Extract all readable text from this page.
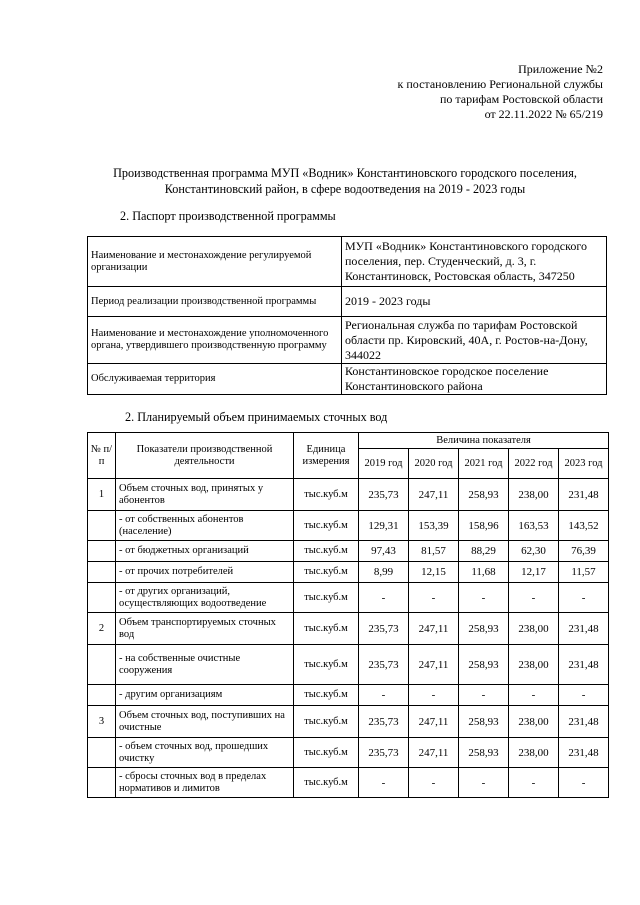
Приложение №2
к постановлению Региональной службы
по тарифам Ростовской области
от 22.11.2022 № 65/219
Производственная программа МУП «Водник» Константиновского городского поселения,
Константиновский район, в сфере водоотведения на 2019 - 2023 годы
2. Паспорт производственной программы
Наименование и местонахождение регулируемой организации	МУП «Водник» Константиновского городского поселения, пер. Студенческий, д. 3, г. Константиновск, Ростовская область, 347250
Период реализации производственной программы	2019 - 2023 годы
Наименование и местонахождение уполномоченного органа, утвердившего производственную программу	Региональная служба по тарифам Ростовской области пр. Кировский, 40А, г. Ростов-на-Дону, 344022
Обслуживаемая территория	Константиновское городское поселение Константиновского района
2. Планируемый объем принимаемых сточных вод
№ п/п	Показатели производственной деятельности	Единица измерения	Величина показателя				
			2019 год	2020 год	2021 год	2022 год	2023 год
1	Объем сточных вод, принятых у абонентов	тыс.куб.м	235,73	247,11	258,93	238,00	231,48
	- от собственных абонентов (население)	тыс.куб.м	129,31	153,39	158,96	163,53	143,52
	- от бюджетных организаций	тыс.куб.м	97,43	81,57	88,29	62,30	76,39
	- от прочих потребителей	тыс.куб.м	8,99	12,15	11,68	12,17	11,57
	- от других организаций, осуществляющих водоотведение	тыс.куб.м	-	-	-	-	-
2	Объем транспортируемых сточных вод	тыс.куб.м	235,73	247,11	258,93	238,00	231,48
	- на собственные очистные сооружения	тыс.куб.м	235,73	247,11	258,93	238,00	231,48
	- другим организациям	тыс.куб.м	-	-	-	-	-
3	Объем сточных вод, поступивших на очистные	тыс.куб.м	235,73	247,11	258,93	238,00	231,48
	- объем сточных вод, прошедших очистку	тыс.куб.м	235,73	247,11	258,93	238,00	231,48
	- сбросы сточных вод в пределах нормативов и лимитов	тыс.куб.м	-	-	-	-	-
